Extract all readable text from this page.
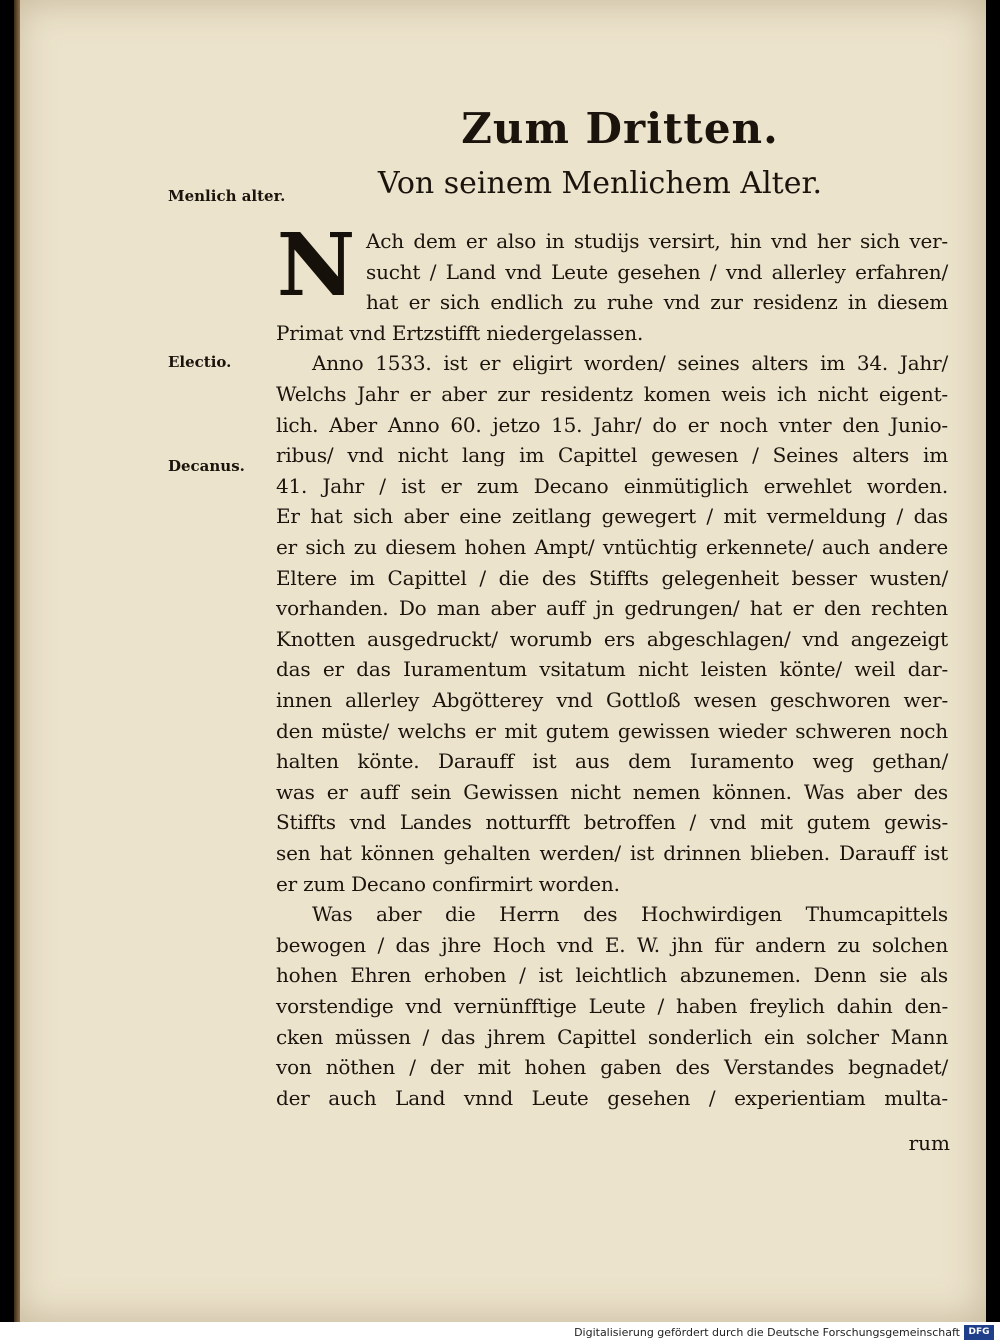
Zum Dritten.
Von seinem Menlichem Alter.
Menlich alter.
Electio.
Decanus.
N Ach dem er also in studijs versirt, hin vnd her sich ver-
sucht / Land vnd Leute gesehen / vnd allerley erfahren/
hat er sich endlich zu ruhe vnd zur residenz in diesem
Primat vnd Ertzstifft niedergelassen.
Anno 1533. ist er eligirt worden/ seines alters im 34. Jahr/
Welchs Jahr er aber zur residentz komen weis ich nicht eigent-
lich. Aber Anno 60. jetzo 15. Jahr/ do er noch vnter den Junio-
ribus/ vnd nicht lang im Capittel gewesen / Seines alters im
41. Jahr / ist er zum Decano einmütiglich erwehlet worden.
Er hat sich aber eine zeitlang gewegert / mit vermeldung / das
er sich zu diesem hohen Ampt/ vntüchtig erkennete/ auch andere
Eltere im Capittel / die des Stiffts gelegenheit besser wusten/
vorhanden. Do man aber auff jn gedrungen/ hat er den rechten
Knotten ausgedruckt/ worumb ers abgeschlagen/ vnd angezeigt
das er das Iuramentum vsitatum nicht leisten könte/ weil dar-
innen allerley Abgötterey vnd Gottloß wesen geschworen wer-
den müste/ welchs er mit gutem gewissen wieder schweren noch
halten könte. Darauff ist aus dem Iuramento weg gethan/
was er auff sein Gewissen nicht nemen können. Was aber des
Stiffts vnd Landes notturfft betroffen / vnd mit gutem gewis-
sen hat können gehalten werden/ ist drinnen blieben. Darauff ist
er zum Decano confirmirt worden.
Was aber die Herrn des Hochwirdigen Thumcapittels
bewogen / das jhre Hoch vnd E. W. jhn für andern zu solchen
hohen Ehren erhoben / ist leichtlich abzunemen. Denn sie als
vorstendige vnd vernünfftige Leute / haben freylich dahin den-
cken müssen / das jhrem Capittel sonderlich ein solcher Mann
von nöthen / der mit hohen gaben des Verstandes begnadet/
der auch Land vnnd Leute gesehen / experientiam multa-
rum
Digitalisierung gefördert durch die Deutsche Forschungsgemeinschaft DFG
